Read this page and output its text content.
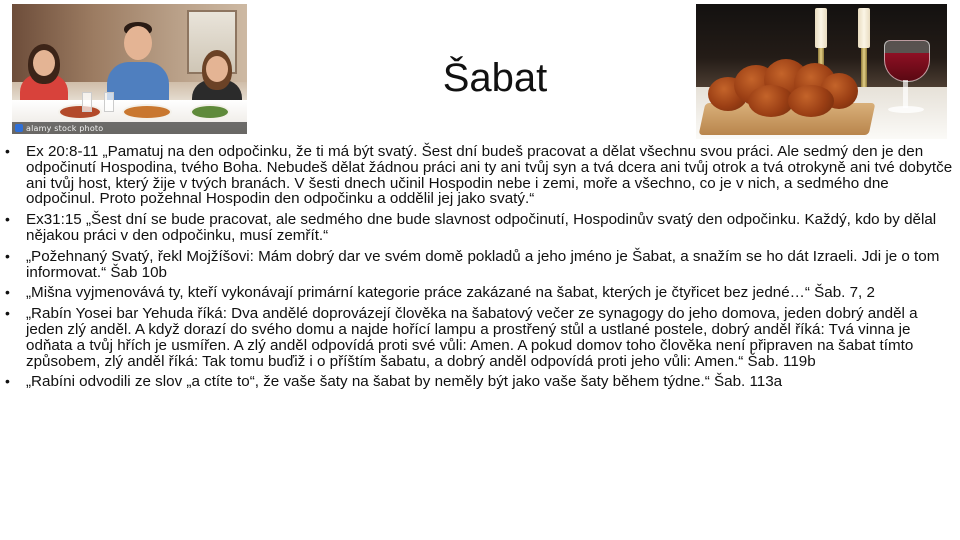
alamy stock photo
Šabat
• Ex 20:8-11 „Pamatuj na den odpočinku, že ti má být svatý. Šest dní budeš pracovat a dělat všechnu svou práci. Ale sedmý den je den odpočinutí Hospodina, tvého Boha. Nebudeš dělat žádnou práci ani ty ani tvůj syn a tvá dcera ani tvůj otrok a tvá otrokyně ani tvé dobytče ani tvůj host, který žije v tvých branách. V šesti dnech učinil Hospodin nebe i zemi, moře a všechno, co je v nich, a sedmého dne odpočinul. Proto požehnal Hospodin den odpočinku a oddělil jej jako svatý.“
• Ex31:15 „Šest dní se bude pracovat, ale sedmého dne bude slavnost odpočinutí, Hospodinův svatý den odpočinku. Každý, kdo by dělal nějakou práci v den odpočinku, musí zemřít.“
• „Požehnaný Svatý, řekl Mojžíšovi: Mám dobrý dar ve svém domě pokladů a jeho jméno je Šabat, a snažím se ho dát Izraeli. Jdi je o tom informovat.“ Šab 10b
• „Mišna vyjmenovává ty, kteří vykonávají primární kategorie práce zakázané na šabat, kterých je čtyřicet bez jedné…“ Šab. 7, 2
• „Rabín Yosei bar Yehuda říká: Dva andělé doprovázejí člověka na šabatový večer ze synagogy do jeho domova, jeden dobrý anděl a jeden zlý anděl. A když dorazí do svého domu a najde hořící lampu a prostřený stůl a ustlané postele, dobrý anděl říká: Tvá vinna je odňata a tvůj hřích je usmířen. A zlý anděl odpovídá proti své vůli: Amen. A pokud domov toho člověka není připraven na šabat tímto způsobem, zlý anděl říká: Tak tomu buďiž i o příštím šabatu, a dobrý anděl odpovídá proti jeho vůli: Amen.“ Šab. 119b
• „Rabíni odvodili ze slov „a ctíte to“, že vaše šaty na šabat by neměly být jako vaše šaty během týdne.“ Šab. 113a
